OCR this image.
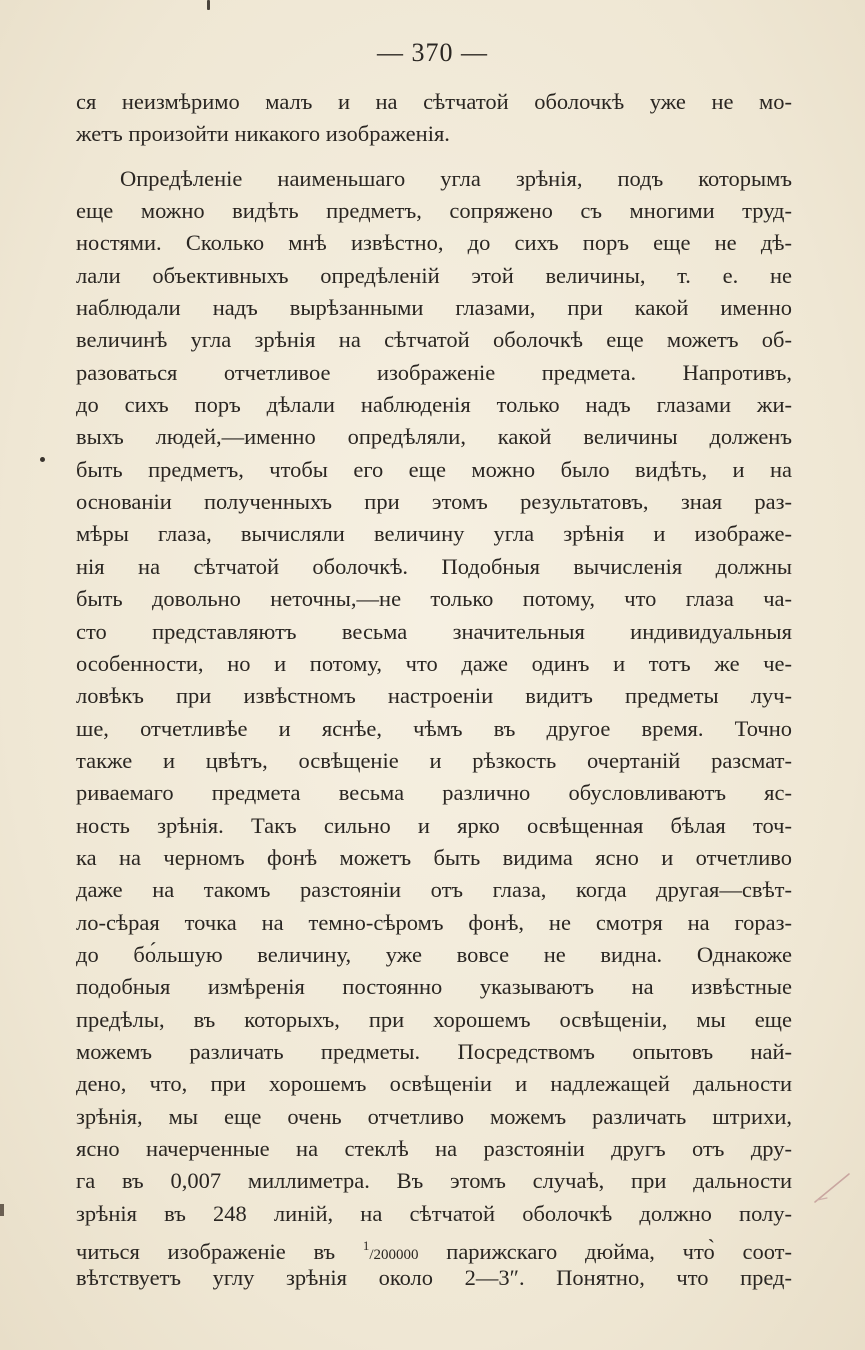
— 370 —
ся неизмѣримо малъ и на сѣтчатой оболочкѣ уже не мо-
жетъ произойти никакого изображенія.
Опредѣленіе наименьшаго угла зрѣнія, подъ которымъ
еще можно видѣть предметъ, сопряжено съ многими труд-
ностями. Сколько мнѣ извѣстно, до сихъ поръ еще не дѣ-
лали объективныхъ опредѣленій этой величины, т. е. не
наблюдали надъ вырѣзанными глазами, при какой именно
величинѣ угла зрѣнія на сѣтчатой оболочкѣ еще можетъ об-
разоваться отчетливое изображеніе предмета. Напротивъ,
до сихъ поръ дѣлали наблюденія только надъ глазами жи-
выхъ людей,—именно опредѣляли, какой величины долженъ
быть предметъ, чтобы его еще можно было видѣть, и на
основаніи полученныхъ при этомъ результатовъ, зная раз-
мѣры глаза, вычисляли величину угла зрѣнія и изображе-
нія на сѣтчатой оболочкѣ. Подобныя вычисленія должны
быть довольно неточны,—не только потому, что глаза ча-
сто представляютъ весьма значительныя индивидуальныя
особенности, но и потому, что даже одинъ и тотъ же че-
ловѣкъ при извѣстномъ настроеніи видитъ предметы луч-
ше, отчетливѣе и яснѣе, чѣмъ въ другое время. Точно
также и цвѣтъ, освѣщеніе и рѣзкость очертаній разсмат-
риваемаго предмета весьма различно обусловливаютъ яс-
ность зрѣнія. Такъ сильно и ярко освѣщенная бѣлая точ-
ка на черномъ фонѣ можетъ быть видима ясно и отчетливо
даже на такомъ разстояніи отъ глаза, когда другая—свѣт-
ло-сѣрая точка на темно-сѣромъ фонѣ, не смотря на гораз-
до бо́льшую величину, уже вовсе не видна. Однакоже
подобныя измѣренія постоянно указываютъ на извѣстные
предѣлы, въ которыхъ, при хорошемъ освѣщеніи, мы еще
можемъ различать предметы. Посредствомъ опытовъ най-
дено, что, при хорошемъ освѣщеніи и надлежащей дальности
зрѣнія, мы еще очень отчетливо можемъ различать штрихи,
ясно начерченные на стеклѣ на разстояніи другъ отъ дру-
га въ 0,007 миллиметра. Въ этомъ случаѣ, при дальности
зрѣнія въ 248 линій, на сѣтчатой оболочкѣ должно полу-
читься изображеніе въ $^1$/200000 парижскаго дюйма, что̀ соот-
вѣтствуетъ углу зрѣнія около 2—3″. Понятно, что пред-
